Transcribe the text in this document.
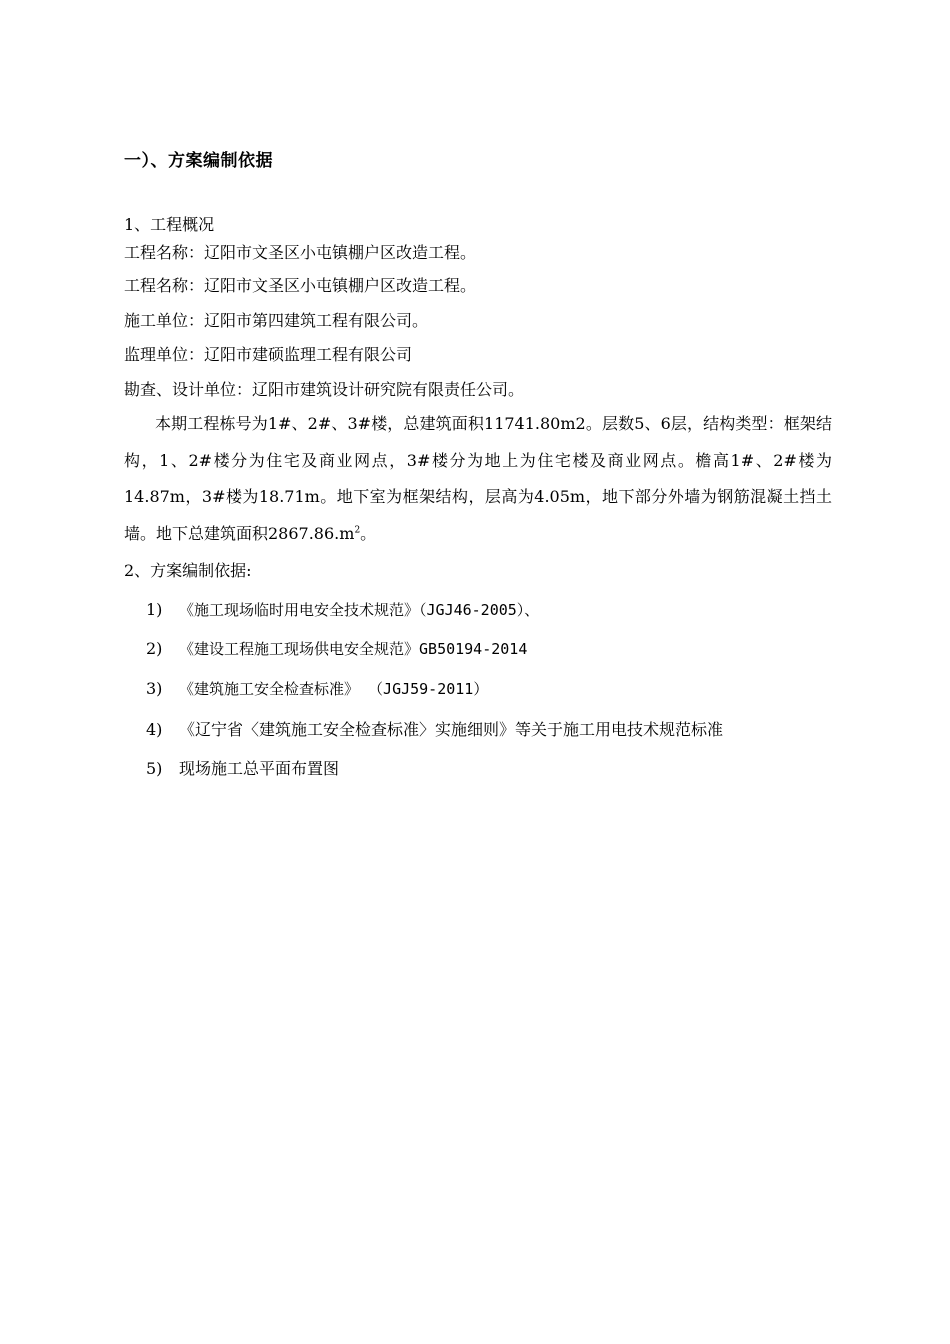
一）、方案编制依据
1、工程概况
工程名称：辽阳市文圣区小屯镇棚户区改造工程。
工程名称：辽阳市文圣区小屯镇棚户区改造工程。
施工单位：辽阳市第四建筑工程有限公司。
监理单位：辽阳市建硕监理工程有限公司
勘查、设计单位：辽阳市建筑设计研究院有限责任公司。
本期工程栋号为1#、2#、3#楼，总建筑面积11741.80m2。层数5、6层，结构类型：框架结构，1、2#楼分为住宅及商业网点，3#楼分为地上为住宅楼及商业网点。檐高1#、2#楼为14.87m，3#楼为18.71m。地下室为框架结构，层高为4.05m，地下部分外墙为钢筋混凝土挡土墙。地下总建筑面积$2867.86.m^2$。
2、方案编制依据:
1) 《施工现场临时用电安全技术规范》（JGJ46-2005）、
2) 《建设工程施工现场供电安全规范》GB50194-2014
3) 《建筑施工安全检查标准》 （JGJ59-2011）
4) 《辽宁省〈建筑施工安全检查标准〉实施细则》等关于施工用电技术规范标准
5) 现场施工总平面布置图
